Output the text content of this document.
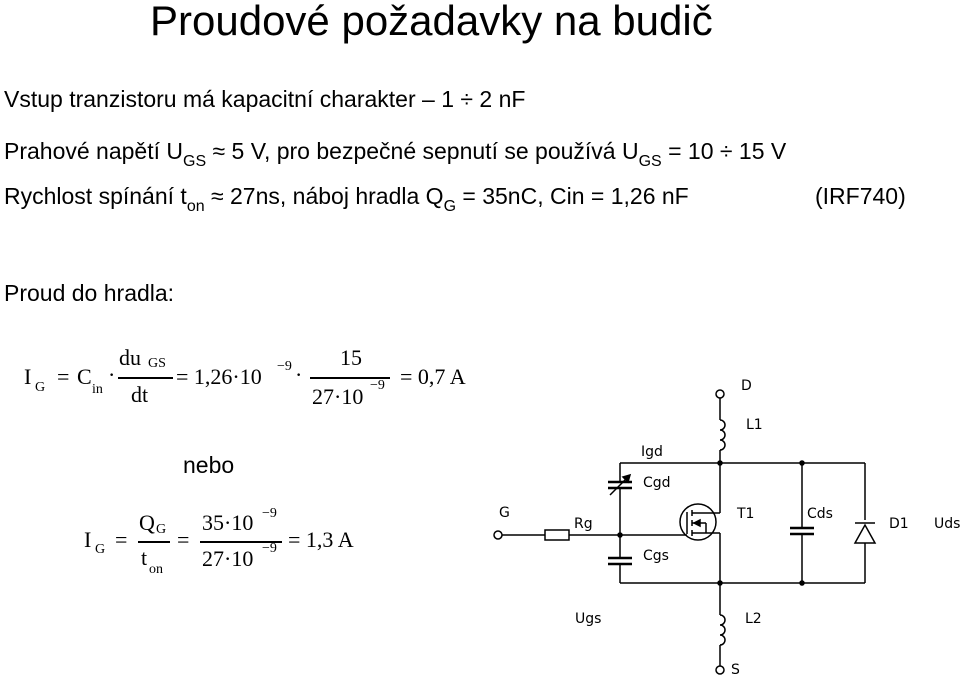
Proudové požadavky na budič
Vstup tranzistoru má kapacitní charakter – 1 ÷ 2 nF
Prahové napětí $U_{GS} \approx 5$ V, pro bezpečné sepnutí se používá $U_{GS} = 10 \div 15$ V
Rychlost spínání $t_{on} \approx 27ns$, náboj hradla $Q_G = 35nC$, Cin = 1,26 nF	(IRF740)
Proud do hradla:
I G = C
in
·
du GS
dt
= 1,26·10 −9 ·
15
27·10 −9 = 0,7 A
nebo
I G =
Q G
t on
=
35·10 −9
27·10 −9 = 1,3 A
D
L1
Igd
Cgd
G
Rg
T1	Cds
D1 Uds
Cgs
Ugs	L2
S
